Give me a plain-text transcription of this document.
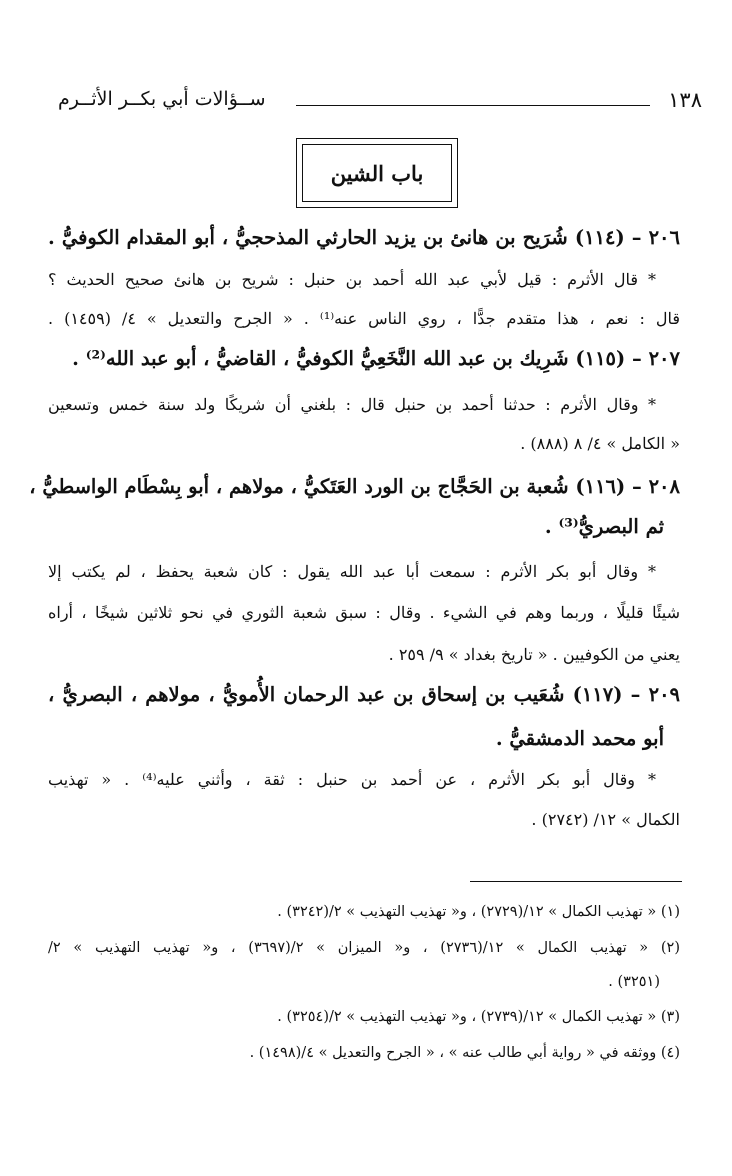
١٣٨
ســؤالات أبي بكــر الأثــرم
باب الشين
٢٠٦ – (١١٤) شُرَيح بن هانئ بن يزيد الحارثي المذحجيُّ ، أبو المقدام الكوفيُّ .
* قال الأثرم : قيل لأبي عبد الله أحمد بن حنبل : شريح بن هانئ صحيح الحديث ؟
قال : نعم ، هذا متقدم جدًّا ، روي الناس عنه⁽¹⁾ . « الجرح والتعديل » ٤/ (١٤٥٩) .
٢٠٧ – (١١٥) شَرِيك بن عبد الله النَّخَعِيُّ الكوفيُّ ، القاضيُّ ، أبو عبد الله⁽²⁾ .
* وقال الأثرم : حدثنا أحمد بن حنبل قال : بلغني أن شريكًا ولد سنة خمس وتسعين
« الكامل » ٤/ ٨ (٨٨٨) .
٢٠٨ – (١١٦) شُعبة بن الحَجَّاج بن الورد العَتَكيُّ ، مولاهم ، أبو بِسْطَام الواسطيُّ ،
ثم البصريُّ⁽³⁾ .
* وقال أبو بكر الأثرم : سمعت أبا عبد الله يقول : كان شعبة يحفظ ، لم يكتب إلا
شيئًا قليلًا ، وربما وهم في الشيء . وقال : سبق شعبة الثوري في نحو ثلاثين شيخًا ، أراه
يعني من الكوفيين . « تاريخ بغداد » ٩/ ٢٥٩ .
٢٠٩ – (١١٧) شُعَيب بن إسحاق بن عبد الرحمان الأُمويُّ ، مولاهم ، البصريُّ ،
أبو محمد الدمشقيُّ .
* وقال أبو بكر الأثرم ، عن أحمد بن حنبل : ثقة ، وأثني عليه⁽⁴⁾ . « تهذيب
الكمال » ١٢/ (٢٧٤٢) .
(١) « تهذيب الكمال » ١٢/(٢٧٢٩) ، و« تهذيب التهذيب » ٢/(٣٢٤٢) .
(٢) « تهذيب الكمال » ١٢/(٢٧٣٦) ، و« الميزان » ٢/(٣٦٩٧) ، و« تهذيب التهذيب » ٢/
(٣٢٥١) .
(٣) « تهذيب الكمال » ١٢/(٢٧٣٩) ، و« تهذيب التهذيب » ٢/(٣٢٥٤) .
(٤) ووثقه في « رواية أبي طالب عنه » ، « الجرح والتعديل » ٤/(١٤٩٨) .
